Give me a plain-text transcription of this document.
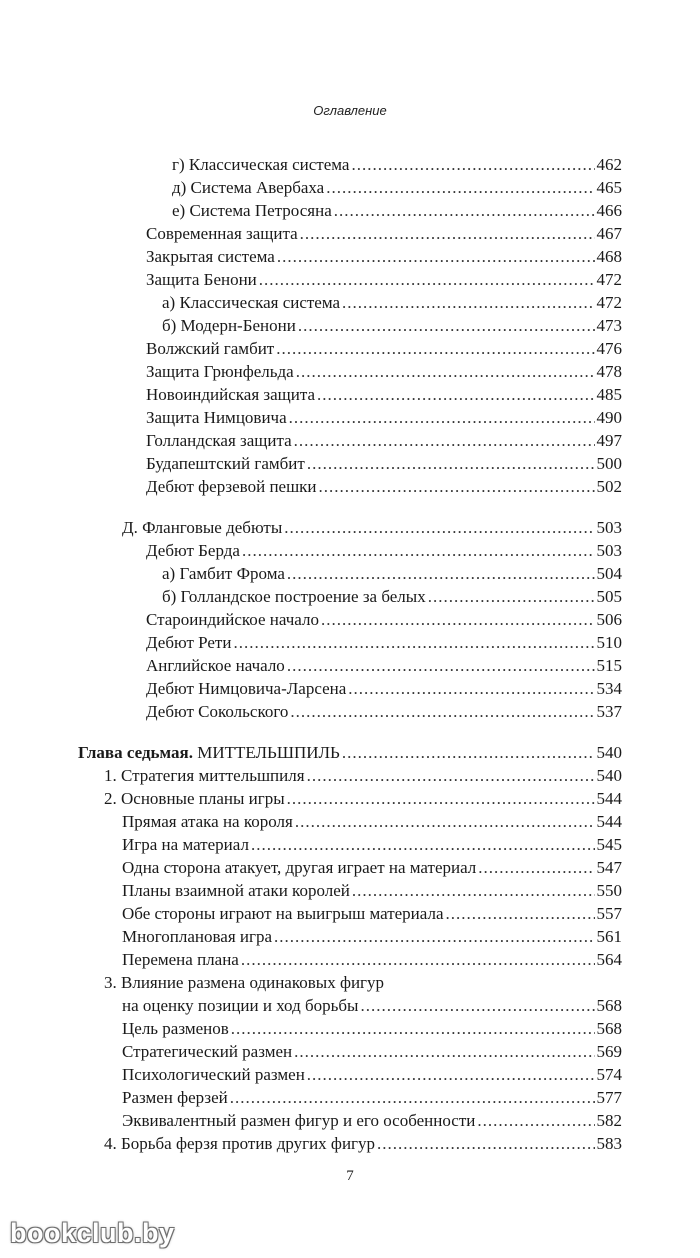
Оглавление
г) Классическая система .....	462
д) Система Авербаха .....	465
е) Система Петросяна .....	466
Современная защита .....	467
Закрытая система .....	468
Защита Бенони .....	472
а) Классическая система .....	472
б) Модерн-Бенони .....	473
Волжский гамбит .....	476
Защита Грюнфельда .....	478
Новоиндийская защита .....	485
Защита Нимцовича .....	490
Голландская защита .....	497
Будапештский гамбит .....	500
Дебют ферзевой пешки .....	502
Д. Фланговые дебюты .....	503
Дебют Берда .....	503
а) Гамбит Фрома .....	504
б) Голландское построение за белых .....	505
Староиндийское начало .....	506
Дебют Рети .....	510
Английское начало .....	515
Дебют Нимцовича-Ларсена .....	534
Дебют Сокольского .....	537
Глава седьмая. МИТТЕЛЬШПИЛЬ .....	540
1. Стратегия миттельшпиля .....	540
2. Основные планы игры .....	544
Прямая атака на короля .....	544
Игра на материал .....	545
Одна сторона атакует, другая играет на материал .....	547
Планы взаимной атаки королей .....	550
Обе стороны играют на выигрыш материала .....	557
Многоплановая игра .....	561
Перемена плана .....	564
3. Влияние размена одинаковых фигур
на оценку позиции и ход борьбы .....	568
Цель разменов .....	568
Стратегический размен .....	569
Психологический размен .....	574
Размен ферзей .....	577
Эквивалентный размен фигур и его особенности .....	582
4. Борьба ферзя против других фигур .....	583
7
bookclub.by
